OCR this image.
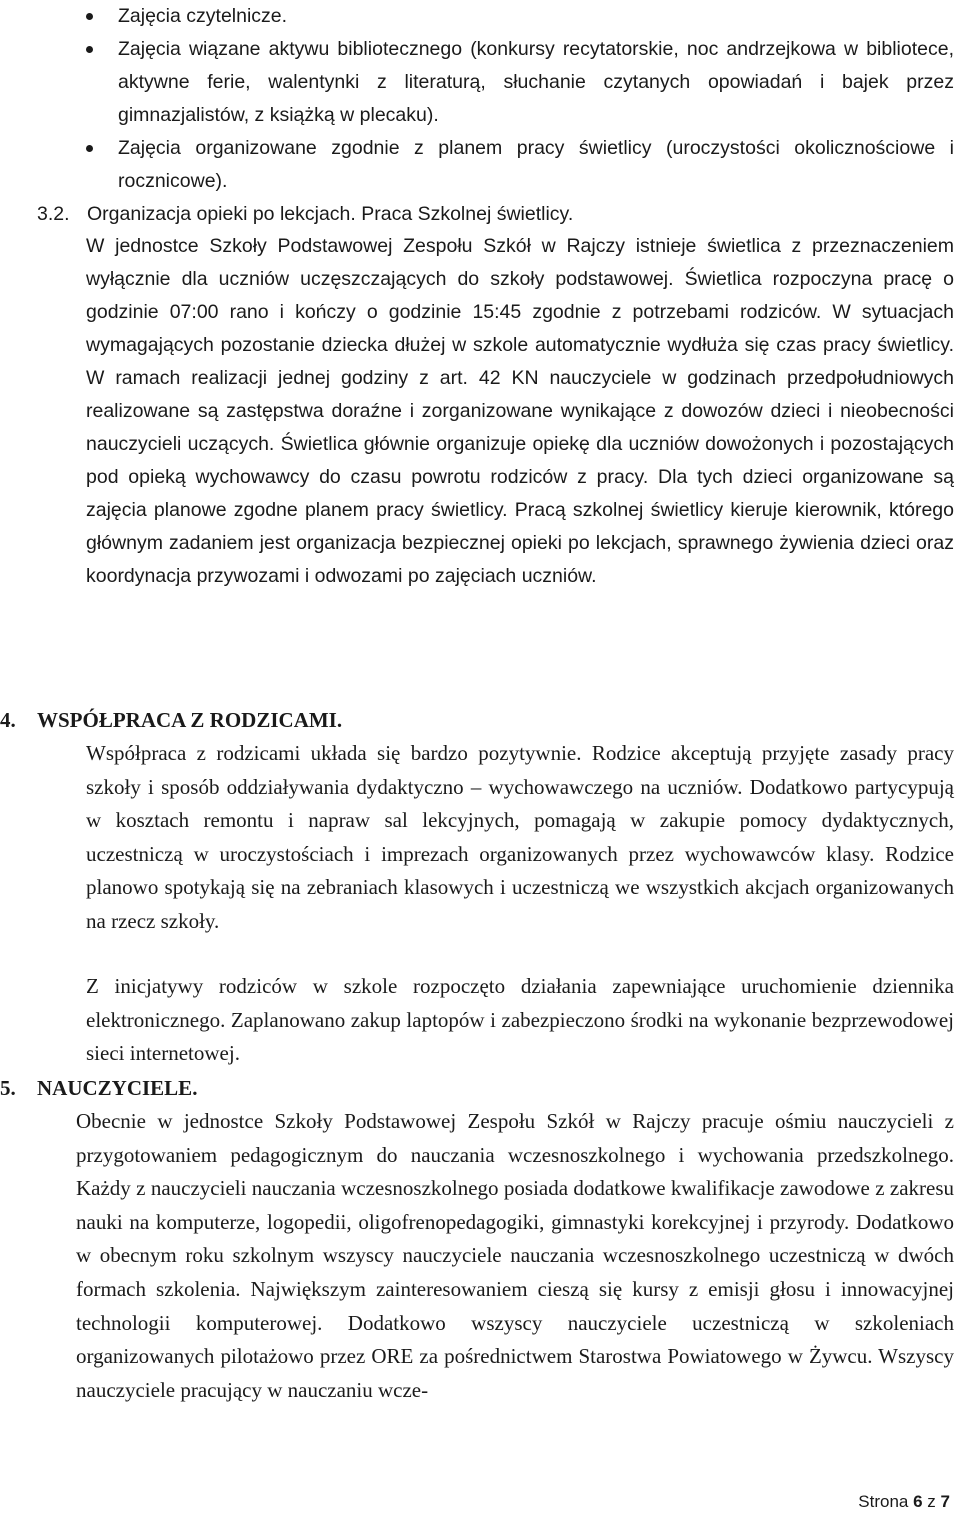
Zajęcia czytelnicze.
Zajęcia wiązane aktywu bibliotecznego (konkursy recytatorskie, noc andrzejkowa w bibliotece, aktywne ferie, walentynki z literaturą, słuchanie czytanych opowiadań i bajek przez gimnazjalistów, z książką w plecaku).
Zajęcia organizowane zgodnie z planem pracy świetlicy (uroczystości okolicznościowe i rocznicowe).
3.2. Organizacja opieki po lekcjach. Praca Szkolnej świetlicy.

W jednostce Szkoły Podstawowej Zespołu Szkół w Rajczy istnieje świetlica z przeznaczeniem wyłącznie dla uczniów uczęszczających do szkoły podstawowej. Świetlica rozpoczyna pracę o godzinie 07:00 rano i kończy o godzinie 15:45 zgodnie z potrzebami rodziców. W sytuacjach wymagających pozostanie dziecka dłużej w szkole automatycznie wydłuża się czas pracy świetlicy. W ramach realizacji jednej godziny z art. 42 KN nauczyciele w godzinach przedpołudniowych realizowane są zastępstwa doraźne i zorganizowane wynikające z dowozów dzieci i nieobecności nauczycieli uczących. Świetlica głównie organizuje opiekę dla uczniów dowożonych i pozostających pod opieką wychowawcy do czasu powrotu rodziców z pracy. Dla tych dzieci organizowane są zajęcia planowe zgodne planem pracy świetlicy. Pracą szkolnej świetlicy kieruje kierownik, którego głównym zadaniem jest organizacja bezpiecznej opieki po lekcjach, sprawnego żywienia dzieci oraz koordynacja przywozami i odwozami po zajęciach uczniów.

4. WSPÓŁPRACA Z RODZICAMI.

Współpraca z rodzicami układa się bardzo pozytywnie. Rodzice akceptują przyjęte zasady pracy szkoły i sposób oddziaływania dydaktyczno – wychowawczego na uczniów. Dodatkowo partycypują w kosztach remontu i napraw sal lekcyjnych, pomagają w zakupie pomocy dydaktycznych, uczestniczą w uroczystościach i imprezach organizowanych przez wychowawców klasy. Rodzice planowo spotykają się na zebraniach klasowych i uczestniczą we wszystkich akcjach organizowanych na rzecz szkoły.

Z inicjatywy rodziców w szkole rozpoczęto działania zapewniające uruchomienie dziennika elektronicznego. Zaplanowano zakup laptopów i zabezpieczono środki na wykonanie bezprzewodowej sieci internetowej.

5. NAUCZYCIELE.

Obecnie w jednostce Szkoły Podstawowej Zespołu Szkół w Rajczy pracuje ośmiu nauczycieli z przygotowaniem pedagogicznym do nauczania wczesnoszkolnego i wychowania przedszkolnego. Każdy z nauczycieli nauczania wczesnoszkolnego posiada dodatkowe kwalifikacje zawodowe z zakresu nauki na komputerze, logopedii, oligofrenopedagogiki, gimnastyki korekcyjnej i przyrody. Dodatkowo w obecnym roku szkolnym wszyscy nauczyciele nauczania wczesnoszkolnego uczestniczą w dwóch formach szkolenia. Największym zainteresowaniem cieszą się kursy z emisji głosu i innowacyjnej technologii komputerowej. Dodatkowo wszyscy nauczyciele uczestniczą w szkoleniach organizowanych pilotażowo przez ORE za pośrednictwem Starostwa Powiatowego w Żywcu. Wszyscy nauczyciele pracujący w nauczaniu wcze-

Strona 6 z 7
